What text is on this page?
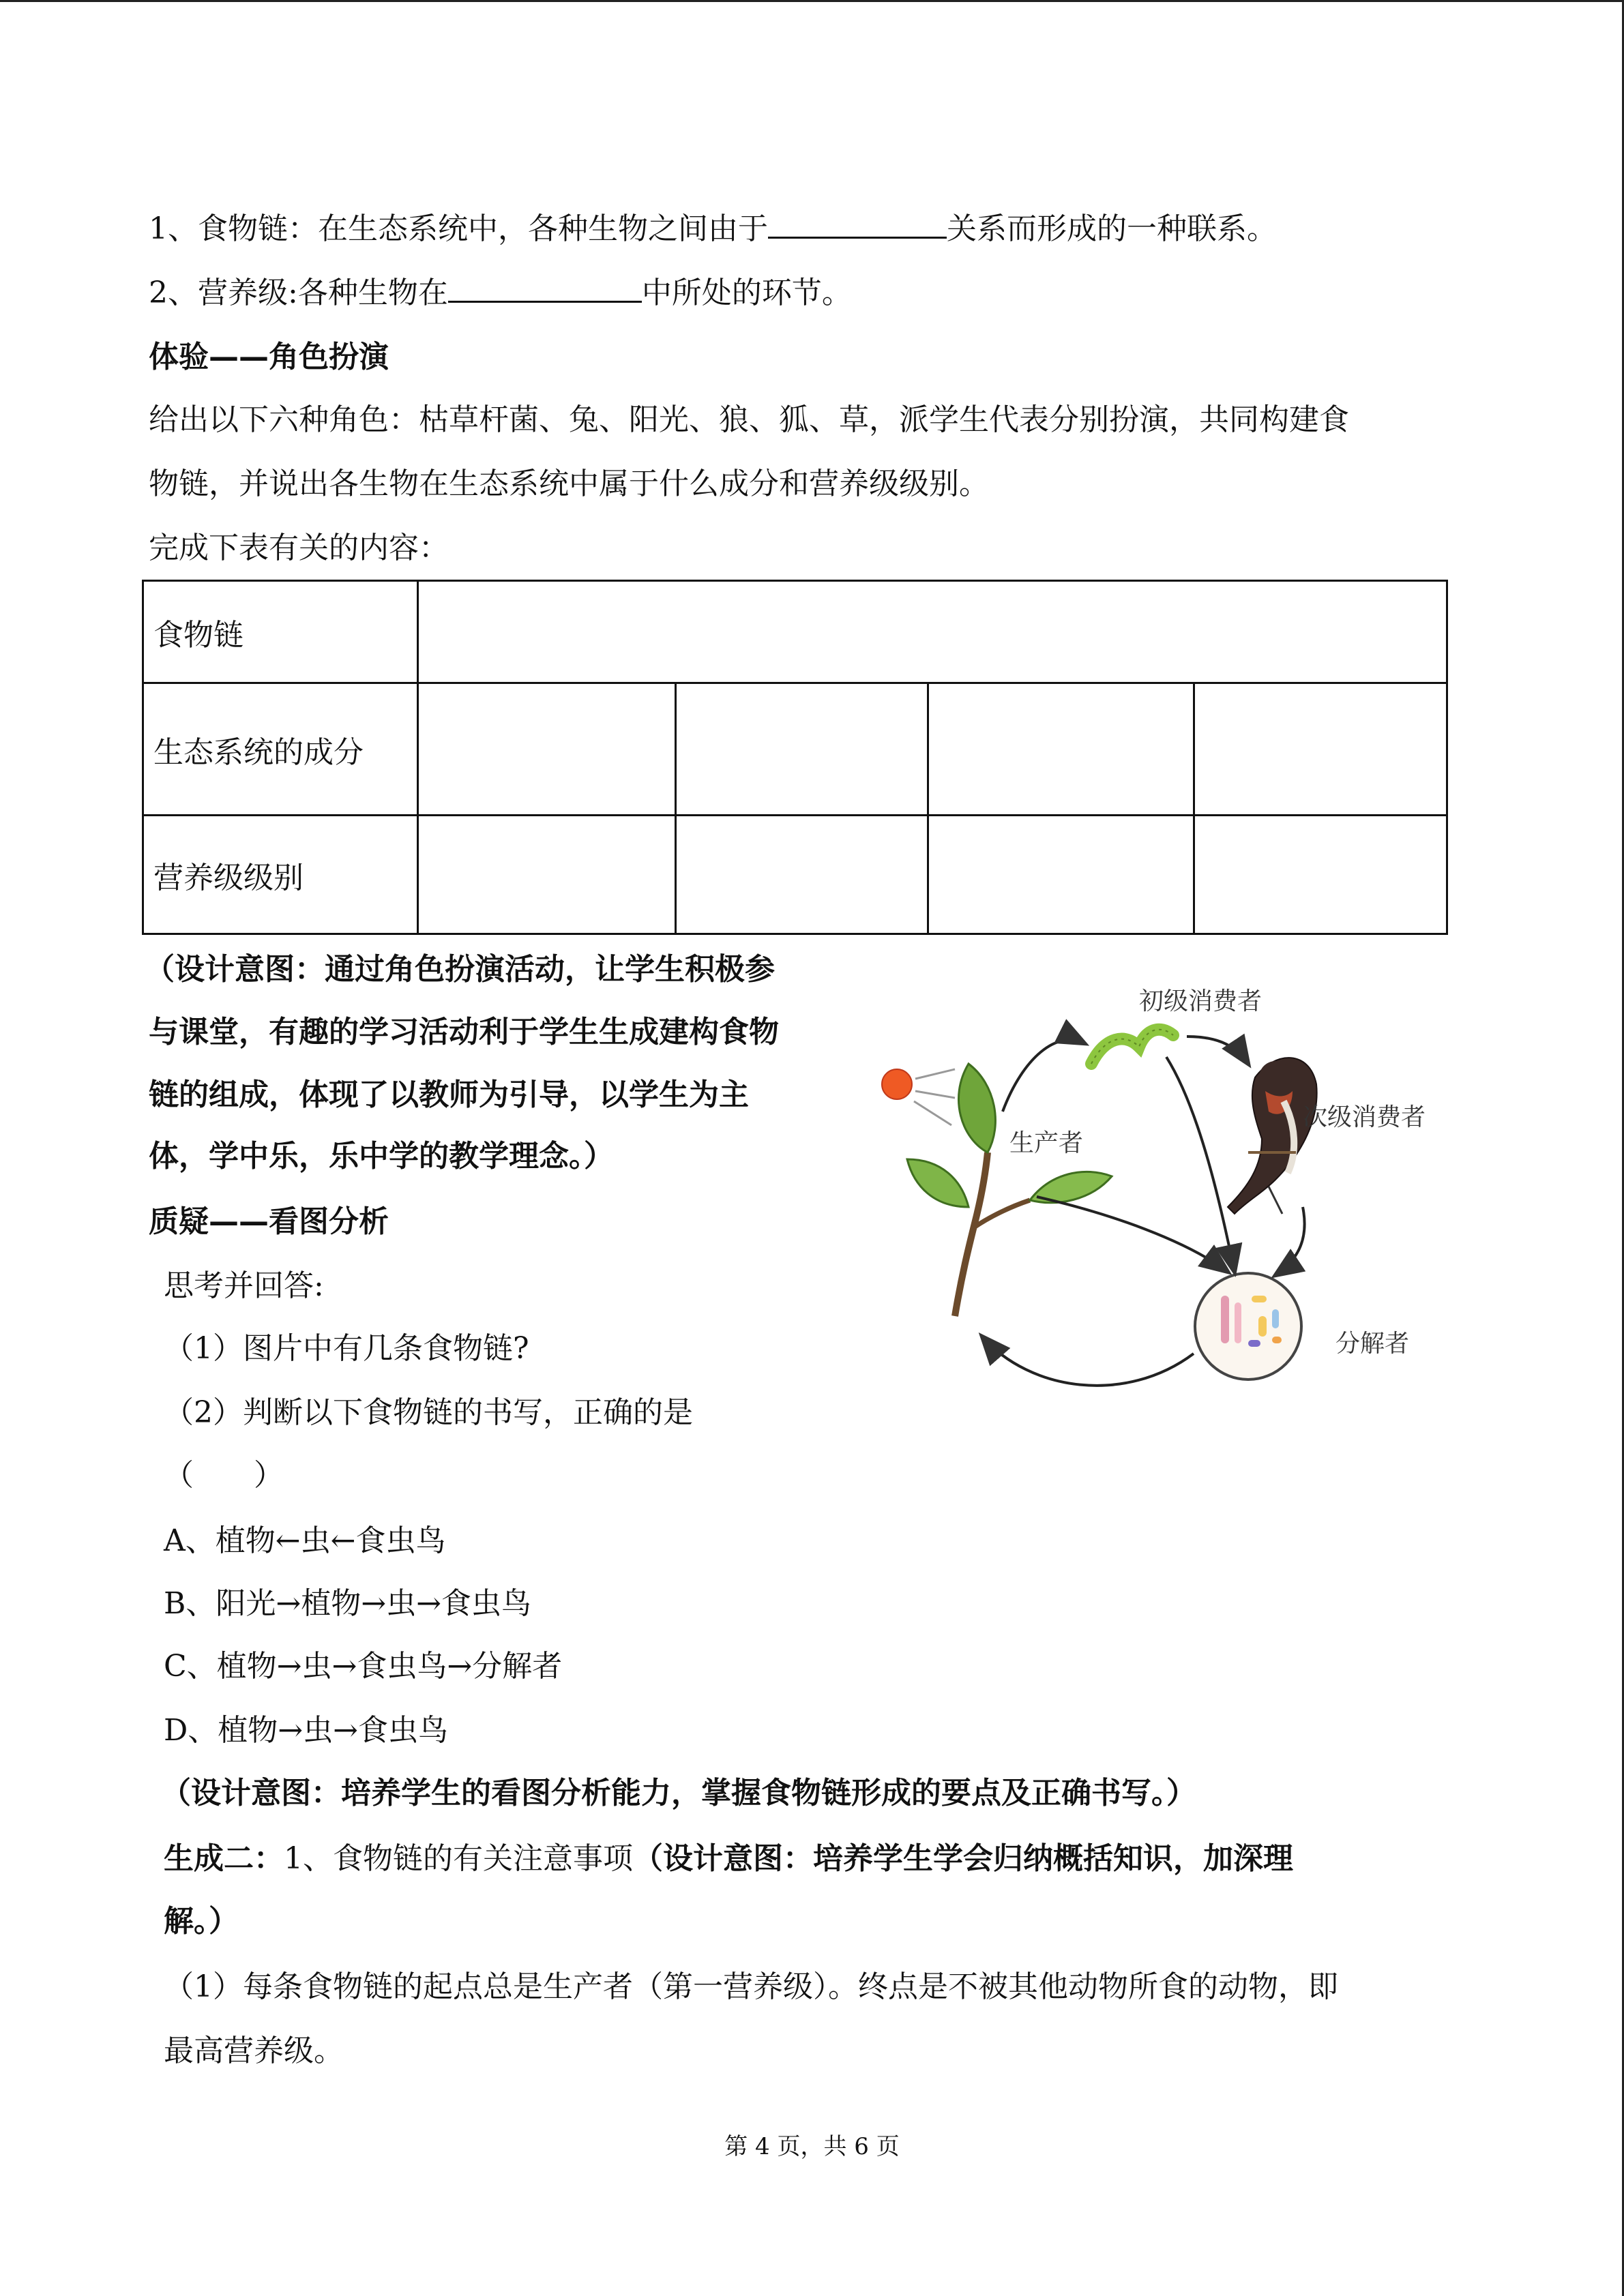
1、食物链：在生态系统中，各种生物之间由于	关系而形成的一种联系。
2、营养级:各种生物在	中所处的环节。
体验——角色扮演
给出以下六种角色：枯草杆菌、兔、阳光、狼、狐、草，派学生代表分别扮演，共同构建食
物链，并说出各生物在生态系统中属于什么成分和营养级级别。
完成下表有关的内容：
食物链				
生态系统的成分				
营养级级别				
（设计意图：通过角色扮演活动，让学生积极参
与课堂，有趣的学习活动利于学生生成建构食物
链的组成，体现了以教师为引导，以学生为主
体，学中乐，乐中学的教学理念。）
质疑——看图分析
思考并回答:
（1）图片中有几条食物链?
（2）判断以下食物链的书写，正确的是
（　　）
A、植物←虫←食虫鸟
B、阳光→植物→虫→食虫鸟
C、植物→虫→食虫鸟→分解者
D、植物→虫→食虫鸟
初级消费者
次级消费者
生产者
分解者
（设计意图：培养学生的看图分析能力，掌握食物链形成的要点及正确书写。）
生成二：1、食物链的有关注意事项（设计意图：培养学生学会归纳概括知识，加深理
解。）
（1）每条食物链的起点总是生产者（第一营养级）。终点是不被其他动物所食的动物，即
最高营养级。
第 4 页，共 6 页
